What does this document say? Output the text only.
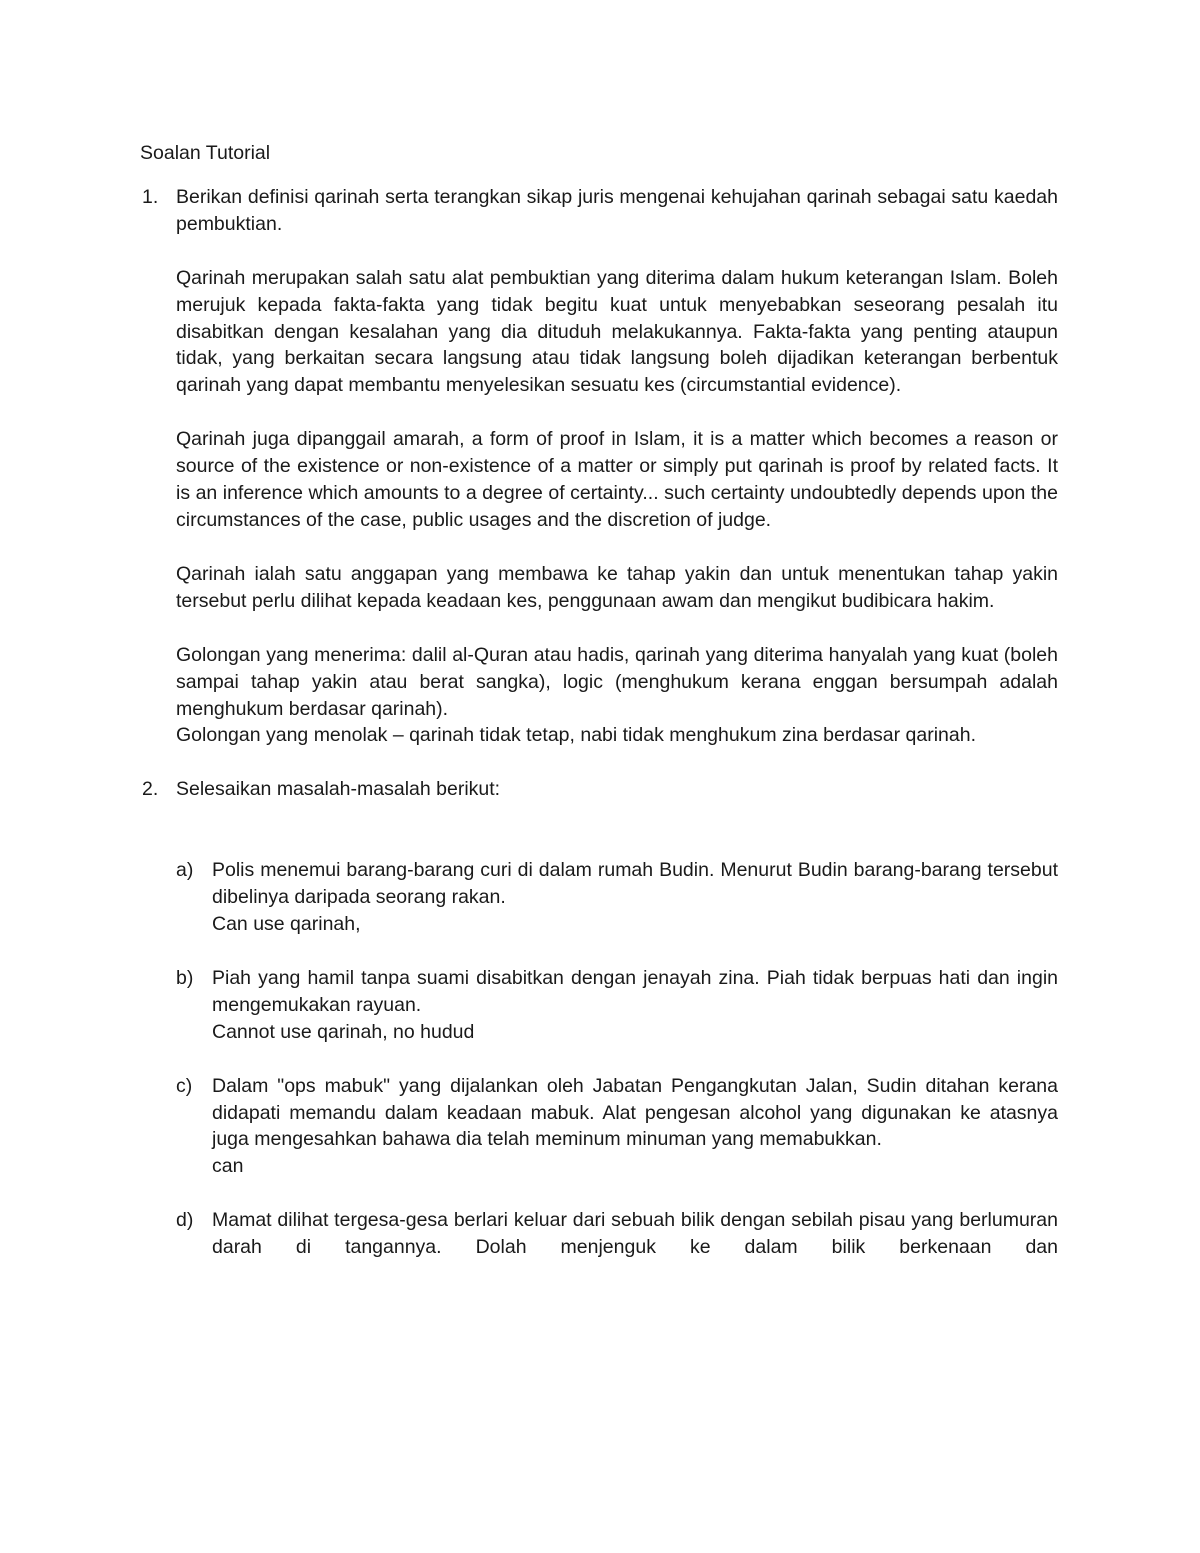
Soalan Tutorial

1. Berikan definisi qarinah serta terangkan sikap juris mengenai kehujahan qarinah sebagai satu kaedah pembuktian.

Qarinah merupakan salah satu alat pembuktian yang diterima dalam hukum keterangan Islam. Boleh merujuk kepada fakta-fakta yang tidak begitu kuat untuk menyebabkan seseorang pesalah itu disabitkan dengan kesalahan yang dia dituduh melakukannya. Fakta-fakta yang penting ataupun tidak, yang berkaitan secara langsung atau tidak langsung boleh dijadikan keterangan berbentuk qarinah yang dapat membantu menyelesikan sesuatu kes (circumstantial evidence).

Qarinah juga dipanggail amarah, a form of proof in Islam, it is a matter which becomes a reason or source of the existence or non-existence of a matter or simply put qarinah is proof by related facts. It is an inference which amounts to a degree of certainty... such certainty undoubtedly depends upon the circumstances of the case, public usages and the discretion of judge.

Qarinah ialah satu anggapan yang membawa ke tahap yakin dan untuk menentukan tahap yakin tersebut perlu dilihat kepada keadaan kes, penggunaan awam dan mengikut budibicara hakim.

Golongan yang menerima: dalil al-Quran atau hadis, qarinah yang diterima hanyalah yang kuat (boleh sampai tahap yakin atau berat sangka), logic (menghukum kerana enggan bersumpah adalah menghukum berdasar qarinah).

Golongan yang menolak – qarinah tidak tetap, nabi tidak menghukum zina berdasar qarinah.

2. Selesaikan masalah-masalah berikut:

a) Polis menemui barang-barang curi di dalam rumah Budin. Menurut Budin barang-barang tersebut dibelinya daripada seorang rakan.

Can use qarinah,

b) Piah yang hamil tanpa suami disabitkan dengan jenayah zina. Piah tidak berpuas hati dan ingin mengemukakan rayuan.

Cannot use qarinah, no hudud

c) Dalam "ops mabuk" yang dijalankan oleh Jabatan Pengangkutan Jalan, Sudin ditahan kerana didapati memandu dalam keadaan mabuk. Alat pengesan alcohol yang digunakan ke atasnya juga mengesahkan bahawa dia telah meminum minuman yang memabukkan.

can

d) Mamat dilihat tergesa-gesa berlari keluar dari sebuah bilik dengan sebilah pisau yang berlumuran darah di tangannya. Dolah menjenguk ke dalam bilik berkenaan dan
